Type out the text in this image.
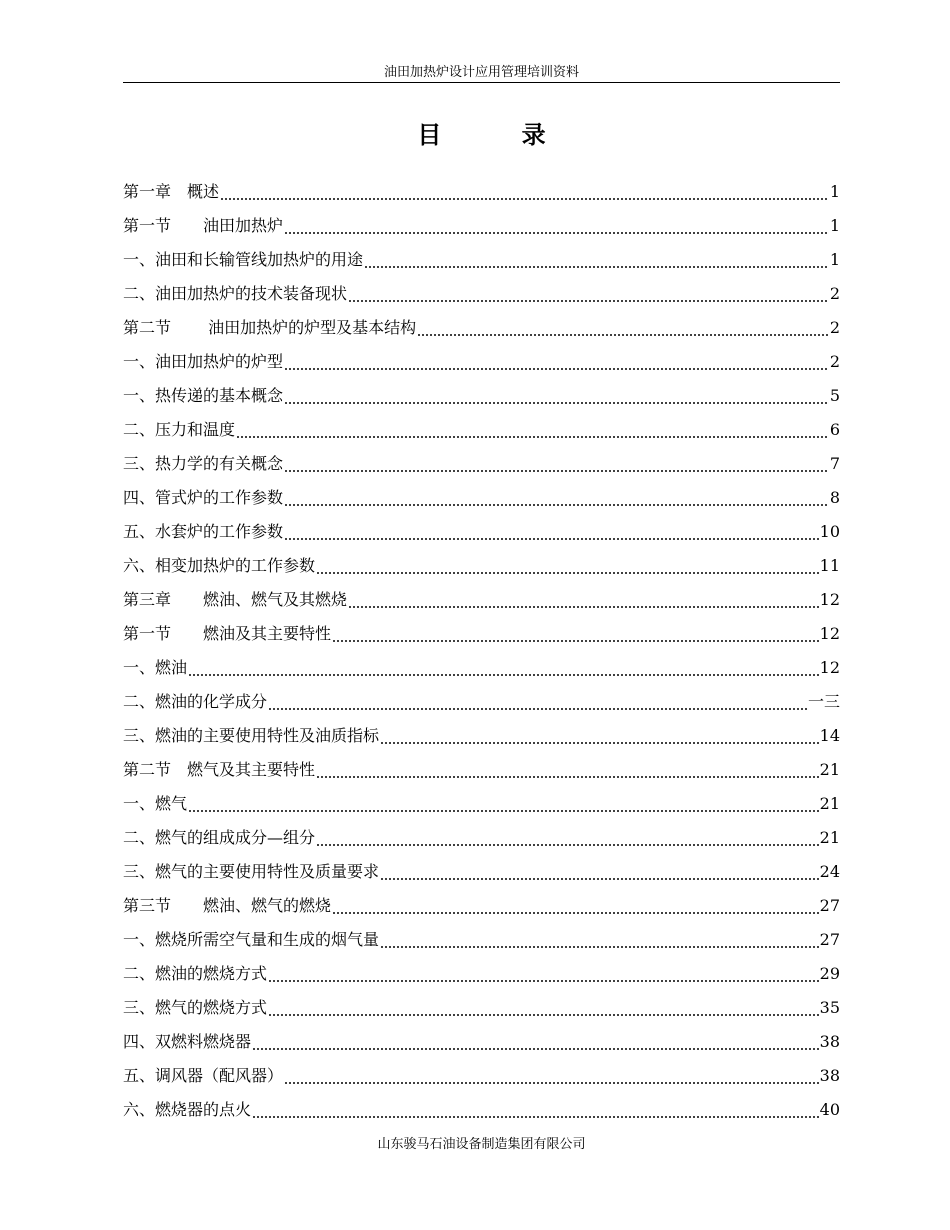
油田加热炉设计应用管理培训资料
目 录
第一章　概述	1
第一节　　油田加热炉	1
一、油田和长输管线加热炉的用途	1
二、油田加热炉的技术装备现状	2
第二节　　 油田加热炉的炉型及基本结构	2
一、油田加热炉的炉型	2
一、热传递的基本概念	5
二、压力和温度	6
三、热力学的有关概念	7
四、管式炉的工作参数	8
五、水套炉的工作参数	10
六、相变加热炉的工作参数	11
第三章　　燃油、燃气及其燃烧	12
第一节　　燃油及其主要特性	12
一、燃油	12
二、燃油的化学成分	一三
三、燃油的主要使用特性及油质指标	14
第二节　燃气及其主要特性	21
一、燃气	21
二、燃气的组成成分—组分	21
三、燃气的主要使用特性及质量要求	24
第三节　　燃油、燃气的燃烧	27
一、燃烧所需空气量和生成的烟气量	27
二、燃油的燃烧方式	29
三、燃气的燃烧方式	35
四、双燃料燃烧器	38
五、调风器（配风器）	38
六、燃烧器的点火	40
山东骏马石油设备制造集团有限公司
